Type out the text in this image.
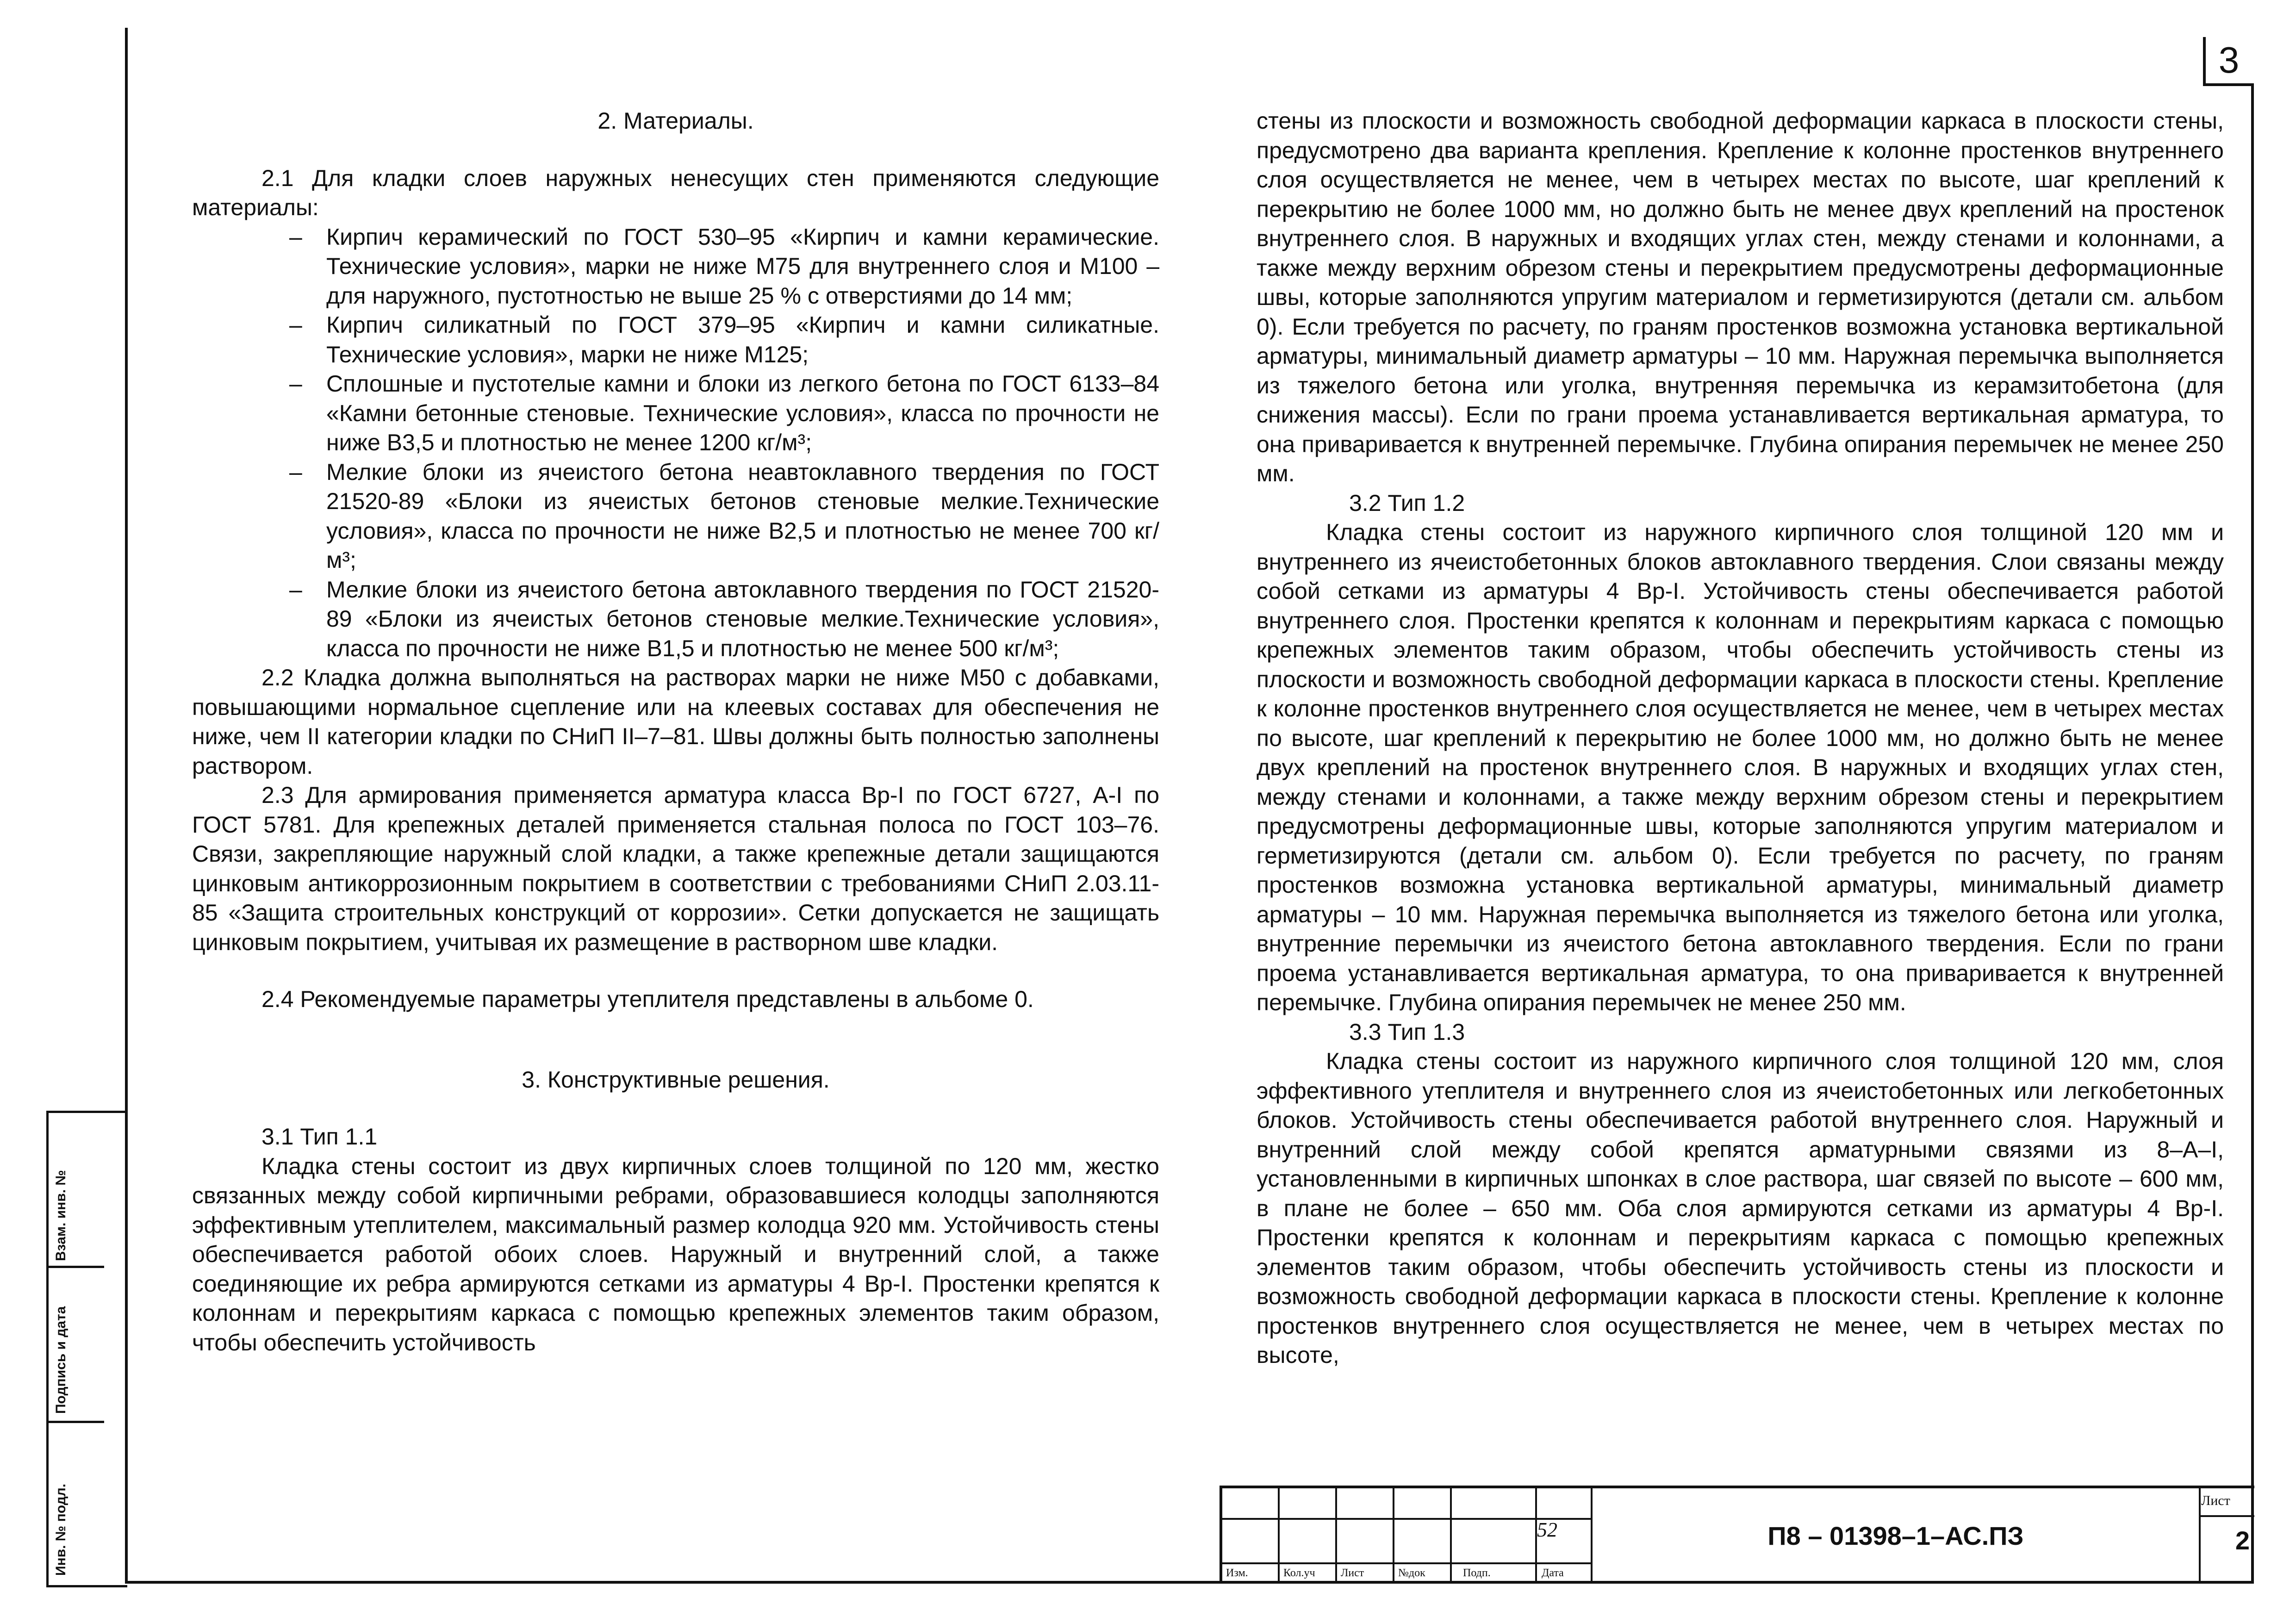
3

2. Материалы.

2.1 Для кладки слоев наружных ненесущих стен применяются следующие материалы:

– Кирпич керамический по ГОСТ 530–95 «Кирпич и камни керамические. Технические условия», марки не ниже М75 для внутреннего слоя и М100 – для наружного, пустотностью не выше 25 % с отверстиями до 14 мм;

– Кирпич силикатный по ГОСТ 379–95 «Кирпич и камни силикатные. Технические условия», марки не ниже М125;

– Сплошные и пустотелые камни и блоки из легкого бетона по ГОСТ 6133–84 «Камни бетонные стеновые. Технические условия», класса по прочности не ниже В3,5 и плотностью не менее 1200 кг/м³;

– Мелкие блоки из ячеистого бетона неавтоклавного твердения по ГОСТ 21520-89 «Блоки из ячеистых бетонов стеновые мелкие.Технические условия», класса по прочности не ниже В2,5 и плотностью не менее 700 кг/м³;

– Мелкие блоки из ячеистого бетона автоклавного твердения по ГОСТ 21520-89 «Блоки из ячеистых бетонов стеновые мелкие.Технические условия», класса по прочности не ниже В1,5 и плотностью не менее 500 кг/м³;

2.2 Кладка должна выполняться на растворах марки не ниже М50 с добавками, повышающими нормальное сцепление или на клеевых составах для обеспечения не ниже, чем II категории кладки по СНиП II–7–81. Швы должны быть полностью заполнены раствором.

2.3 Для армирования применяется арматура класса Вр-I по ГОСТ 6727, А-I по ГОСТ 5781. Для крепежных деталей применяется стальная полоса по ГОСТ 103–76. Связи, закрепляющие наружный слой кладки, а также крепежные детали защищаются цинковым антикоррозионным покрытием в соответствии с требованиями СНиП 2.03.11-85 «Защита строительных конструкций от коррозии». Сетки допускается не защищать цинковым покрытием, учитывая их размещение в растворном шве кладки.

2.4 Рекомендуемые параметры утеплителя представлены в альбоме 0.

3. Конструктивные решения.

3.1 Тип 1.1

Кладка стены состоит из двух кирпичных слоев толщиной по 120 мм, жестко связанных между собой кирпичными ребрами, образовавшиеся колодцы заполняются эффективным утеплителем, максимальный размер колодца 920 мм. Устойчивость стены обеспечивается работой обоих слоев. Наружный и внутренний слой, а также соединяющие их ребра армируются сетками из арматуры 4 Вр-I. Простенки крепятся к колоннам и перекрытиям каркаса с помощью крепежных элементов таким образом, чтобы обеспечить устойчивость

стены из плоскости и возможность свободной деформации каркаса в плоскости стены, предусмотрено два варианта крепления. Крепление к колонне простенков внутреннего слоя осуществляется не менее, чем в четырех местах по высоте, шаг креплений к перекрытию не более 1000 мм, но должно быть не менее двух креплений на простенок внутреннего слоя. В наружных и входящих углах стен, между стенами и колоннами, а также между верхним обрезом стены и перекрытием предусмотрены деформационные швы, которые заполняются упругим материалом и герметизируются (детали см. альбом 0). Если требуется по расчету, по граням простенков возможна установка вертикальной арматуры, минимальный диаметр арматуры – 10 мм. Наружная перемычка выполняется из тяжелого бетона или уголка, внутренняя перемычка из керамзитобетона (для снижения массы). Если по грани проема устанавливается вертикальная арматура, то она приваривается к внутренней перемычке. Глубина опирания перемычек не менее 250 мм.

3.2 Тип 1.2

Кладка стены состоит из наружного кирпичного слоя толщиной 120 мм и внутреннего из ячеистобетонных блоков автоклавного твердения. Слои связаны между собой сетками из арматуры 4 Вр-I. Устойчивость стены обеспечивается работой внутреннего слоя. Простенки крепятся к колоннам и перекрытиям каркаса с помощью крепежных элементов таким образом, чтобы обеспечить устойчивость стены из плоскости и возможность свободной деформации каркаса в плоскости стены. Крепление к колонне простенков внутреннего слоя осуществляется не менее, чем в четырех местах по высоте, шаг креплений к перекрытию не более 1000 мм, но должно быть не менее двух креплений на простенок внутреннего слоя. В наружных и входящих углах стен, между стенами и колоннами, а также между верхним обрезом стены и перекрытием предусмотрены деформационные швы, которые заполняются упругим материалом и герметизируются (детали см. альбом 0). Если требуется по расчету, по граням простенков возможна установка вертикальной арматуры, минимальный диаметр арматуры – 10 мм. Наружная перемычка выполняется из тяжелого бетона или уголка, внутренние перемычки из ячеистого бетона автоклавного твердения. Если по грани проема устанавливается вертикальная арматура, то она приваривается к внутренней перемычке. Глубина опирания перемычек не менее 250 мм.

3.3 Тип 1.3

Кладка стены состоит из наружного кирпичного слоя толщиной 120 мм, слоя эффективного утеплителя и внутреннего слоя из ячеистобетонных или легкобетонных блоков. Устойчивость стены обеспечивается работой внутреннего слоя. Наружный и внутренний слой между собой крепятся арматурными связями из 8–А–I, установленными в кирпичных шпонках в слое раствора, шаг связей по высоте – 600 мм, в плане не более – 650 мм. Оба слоя армируются сетками из арматуры 4 Вр-I. Простенки крепятся к колоннам и перекрытиям каркаса с помощью крепежных элементов таким образом, чтобы обеспечить устойчивость стены из плоскости и возможность свободной деформации каркаса в плоскости стены. Крепление к колонне простенков внутреннего слоя осуществляется не менее, чем в четырех местах по высоте,

Взам. инв. №
Подпись и дата
Инв. № подл.	Изм.	Кол.уч Лист	№док	Подп.	Дата
52	П8 – 01398–1–АС.ПЗ
Лист
2
